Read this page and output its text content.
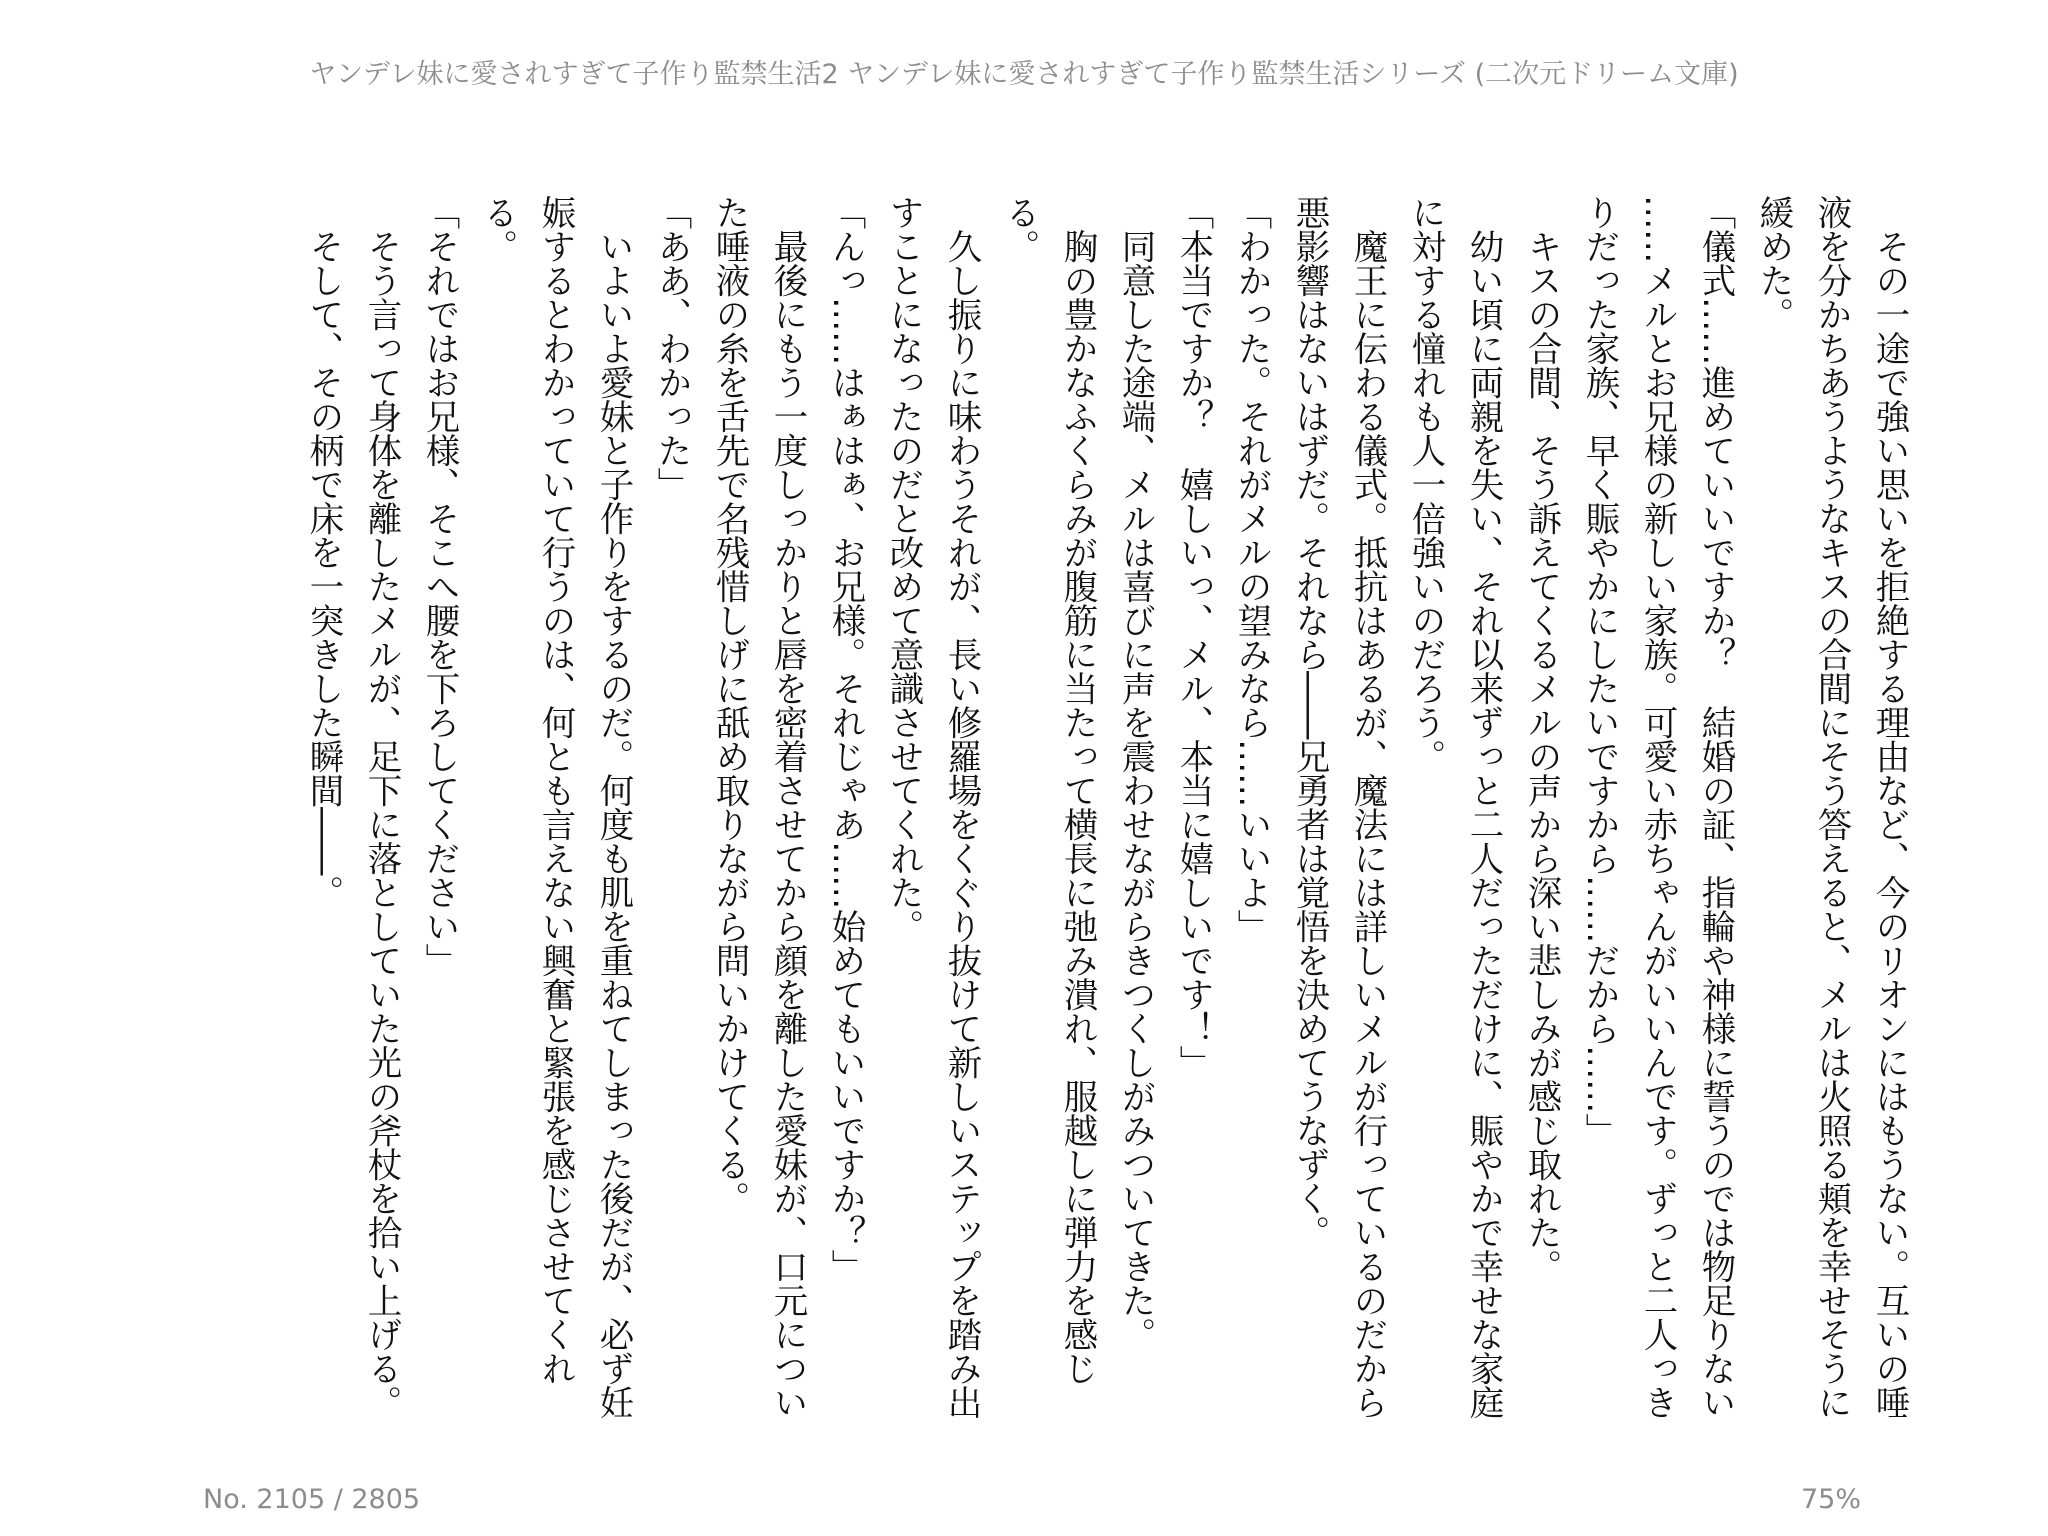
ヤンデレ妹に愛されすぎて子作り監禁生活2 ヤンデレ妹に愛されすぎて子作り監禁生活シリーズ (二次元ドリーム文庫)
　その一途で強い思いを拒絶する理由など、今のリオンにはもうない。互いの唾
液を分かちあうようなキスの合間にそう答えると、メルは火照る頬を幸せそうに
緩めた。
「儀式……進めていいですか？　結婚の証、指輪や神様に誓うのでは物足りない
……メルとお兄様の新しい家族。可愛い赤ちゃんがいいんです。ずっと二人っき
りだった家族、早く賑やかにしたいですから……だから……」
　キスの合間、そう訴えてくるメルの声から深い悲しみが感じ取れた。
　幼い頃に両親を失い、それ以来ずっと二人だっただけに、賑やかで幸せな家庭
に対する憧れも人一倍強いのだろう。
　魔王に伝わる儀式。抵抗はあるが、魔法には詳しいメルが行っているのだから
悪影響はないはずだ。それなら――兄勇者は覚悟を決めてうなずく。
「わかった。それがメルの望みなら……いいよ」
「本当ですか？　嬉しいっ、メル、本当に嬉しいです！」
　同意した途端、メルは喜びに声を震わせながらきつくしがみついてきた。
　胸の豊かなふくらみが腹筋に当たって横長に弛み潰れ、服越しに弾力を感じ
る。
　久し振りに味わうそれが、長い修羅場をくぐり抜けて新しいステップを踏み出
すことになったのだと改めて意識させてくれた。
「んっ……はぁはぁ、お兄様。それじゃあ……始めてもいいですか？」
　最後にもう一度しっかりと唇を密着させてから顔を離した愛妹が、口元につい
た唾液の糸を舌先で名残惜しげに舐め取りながら問いかけてくる。
「ああ、わかった」
　いよいよ愛妹と子作りをするのだ。何度も肌を重ねてしまった後だが、必ず妊
娠するとわかっていて行うのは、何とも言えない興奮と緊張を感じさせてくれ
る。
「それではお兄様、そこへ腰を下ろしてください」
　そう言って身体を離したメルが、足下に落としていた光の斧杖を拾い上げる。
　そして、その柄で床を一突きした瞬間――。
No. 2105 / 2805	75%
